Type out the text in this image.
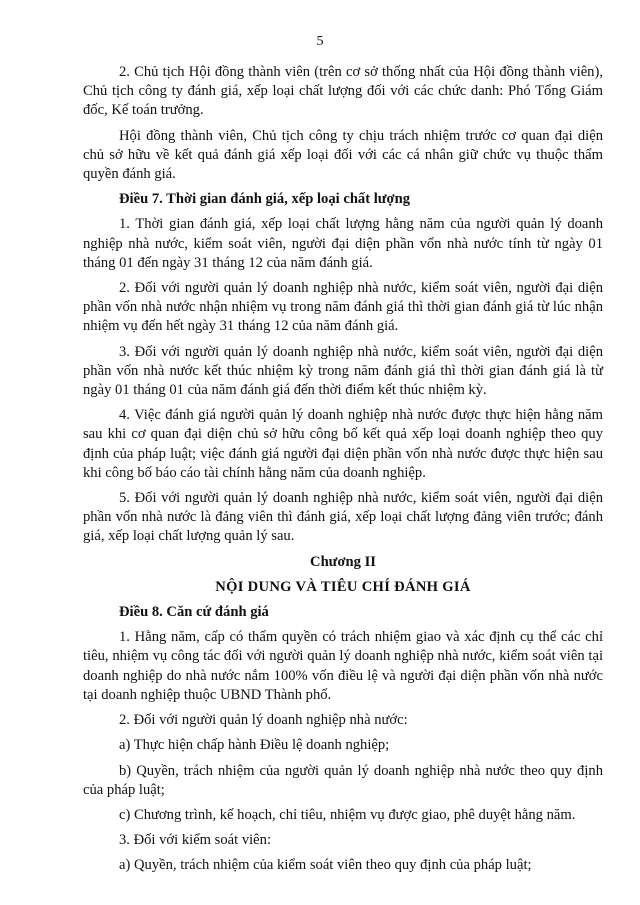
5

2. Chủ tịch Hội đồng thành viên (trên cơ sở thống nhất của Hội đồng thành viên), Chủ tịch công ty đánh giá, xếp loại chất lượng đối với các chức danh: Phó Tổng Giám đốc, Kế toán trưởng.

Hội đồng thành viên, Chủ tịch công ty chịu trách nhiệm trước cơ quan đại diện chủ sở hữu về kết quả đánh giá xếp loại đối với các cá nhân giữ chức vụ thuộc thẩm quyền đánh giá.

Điều 7. Thời gian đánh giá, xếp loại chất lượng

1. Thời gian đánh giá, xếp loại chất lượng hằng năm của người quản lý doanh nghiệp nhà nước, kiểm soát viên, người đại diện phần vốn nhà nước tính từ ngày 01 tháng 01 đến ngày 31 tháng 12 của năm đánh giá.

2. Đối với người quản lý doanh nghiệp nhà nước, kiểm soát viên, người đại diện phần vốn nhà nước nhận nhiệm vụ trong năm đánh giá thì thời gian đánh giá từ lúc nhận nhiệm vụ đến hết ngày 31 tháng 12 của năm đánh giá.

3. Đối với người quản lý doanh nghiệp nhà nước, kiểm soát viên, người đại diện phần vốn nhà nước kết thúc nhiệm kỳ trong năm đánh giá thì thời gian đánh giá là từ ngày 01 tháng 01 của năm đánh giá đến thời điểm kết thúc nhiệm kỳ.

4. Việc đánh giá người quản lý doanh nghiệp nhà nước được thực hiện hằng năm sau khi cơ quan đại diện chủ sở hữu công bố kết quả xếp loại doanh nghiệp theo quy định của pháp luật; việc đánh giá người đại diện phần vốn nhà nước được thực hiện sau khi công bố báo cáo tài chính hằng năm của doanh nghiệp.

5. Đối với người quản lý doanh nghiệp nhà nước, kiểm soát viên, người đại diện phần vốn nhà nước là đảng viên thì đánh giá, xếp loại chất lượng đảng viên trước; đánh giá, xếp loại chất lượng quản lý sau.

Chương II

NỘI DUNG VÀ TIÊU CHÍ ĐÁNH GIÁ

Điều 8. Căn cứ đánh giá

1. Hằng năm, cấp có thẩm quyền có trách nhiệm giao và xác định cụ thể các chỉ tiêu, nhiệm vụ công tác đối với người quản lý doanh nghiệp nhà nước, kiểm soát viên tại doanh nghiệp do nhà nước nắm 100% vốn điều lệ và người đại diện phần vốn nhà nước tại doanh nghiệp thuộc UBND Thành phố.

2. Đối với người quản lý doanh nghiệp nhà nước:

a) Thực hiện chấp hành Điều lệ doanh nghiệp;

b) Quyền, trách nhiệm của người quản lý doanh nghiệp nhà nước theo quy định của pháp luật;

c) Chương trình, kế hoạch, chỉ tiêu, nhiệm vụ được giao, phê duyệt hằng năm.

3. Đối với kiểm soát viên:

a) Quyền, trách nhiệm của kiểm soát viên theo quy định của pháp luật;
